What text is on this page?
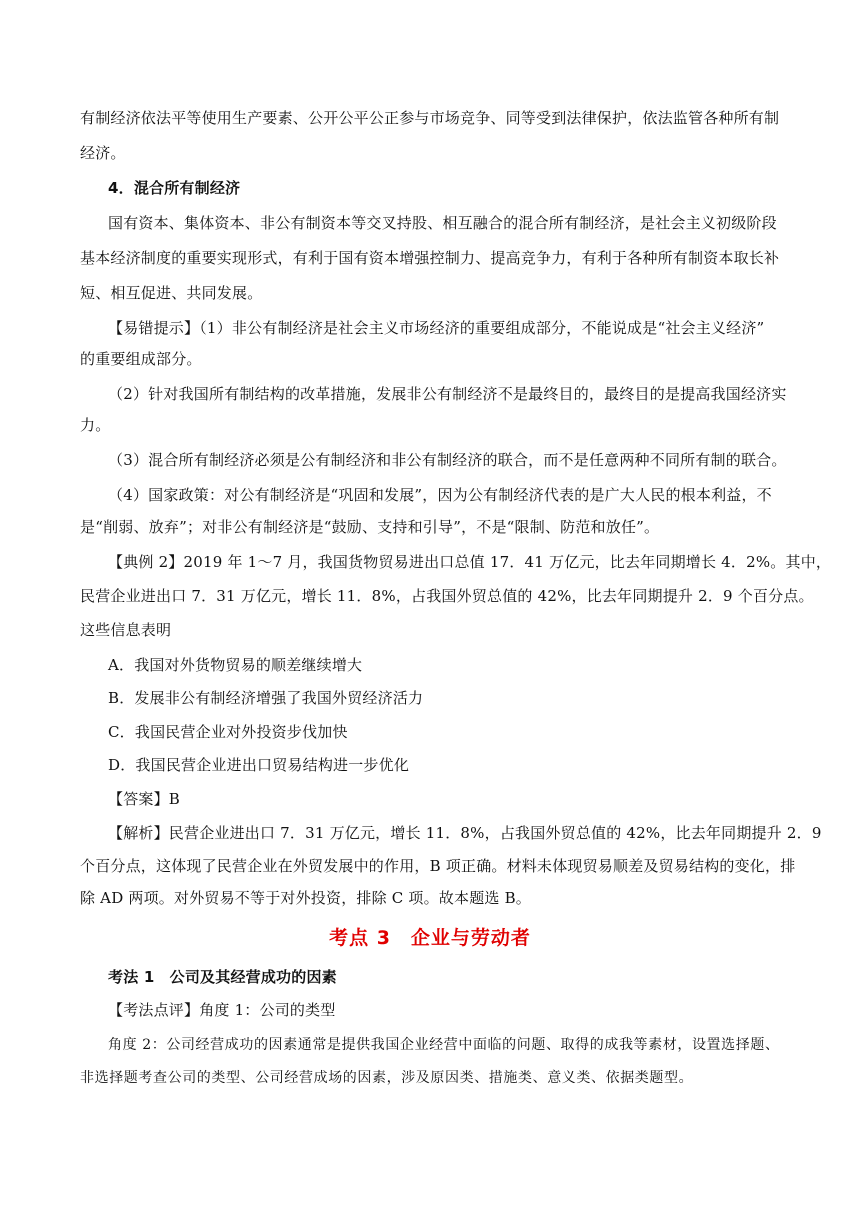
有制经济依法平等使用生产要素、公开公平公正参与市场竞争、同等受到法律保护，依法监管各种所有制
经济。
4．混合所有制经济
国有资本、集体资本、非公有制资本等交叉持股、相互融合的混合所有制经济，是社会主义初级阶段
基本经济制度的重要实现形式，有利于国有资本增强控制力、提高竞争力，有利于各种所有制资本取长补
短、相互促进、共同发展。
【易错提示】（1）非公有制经济是社会主义市场经济的重要组成部分，不能说成是“社会主义经济”
的重要组成部分。
（2）针对我国所有制结构的改革措施，发展非公有制经济不是最终目的，最终目的是提高我国经济实
力。
（3）混合所有制经济必须是公有制经济和非公有制经济的联合，而不是任意两种不同所有制的联合。
（4）国家政策：对公有制经济是“巩固和发展”，因为公有制经济代表的是广大人民的根本利益，不
是“削弱、放弃”；对非公有制经济是“鼓励、支持和引导”，不是“限制、防范和放任”。
【典例 2】2019 年 1～7 月，我国货物贸易进出口总值 17．41 万亿元，比去年同期增长 4．2%。其中，
民营企业进出口 7．31 万亿元，增长 11．8%，占我国外贸总值的 42%，比去年同期提升 2．9 个百分点。
这些信息表明
A．我国对外货物贸易的顺差继续增大
B．发展非公有制经济增强了我国外贸经济活力
C．我国民营企业对外投资步伐加快
D．我国民营企业进出口贸易结构进一步优化
【答案】B
【解析】民营企业进出口 7．31 万亿元，增长 11．8%，占我国外贸总值的 42%，比去年同期提升 2．9
个百分点，这体现了民营企业在外贸发展中的作用，B 项正确。材料未体现贸易顺差及贸易结构的变化，排
除 AD 两项。对外贸易不等于对外投资，排除 C 项。故本题选 B。
考点 3　企业与劳动者
考法 1　公司及其经营成功的因素
【考法点评】角度 1：公司的类型
角度 2：公司经营成功的因素通常是提供我国企业经营中面临的问题、取得的成我等素材，设置选择题、
非选择题考查公司的类型、公司经营成场的因素，涉及原因类、措施类、意义类、依据类题型。
